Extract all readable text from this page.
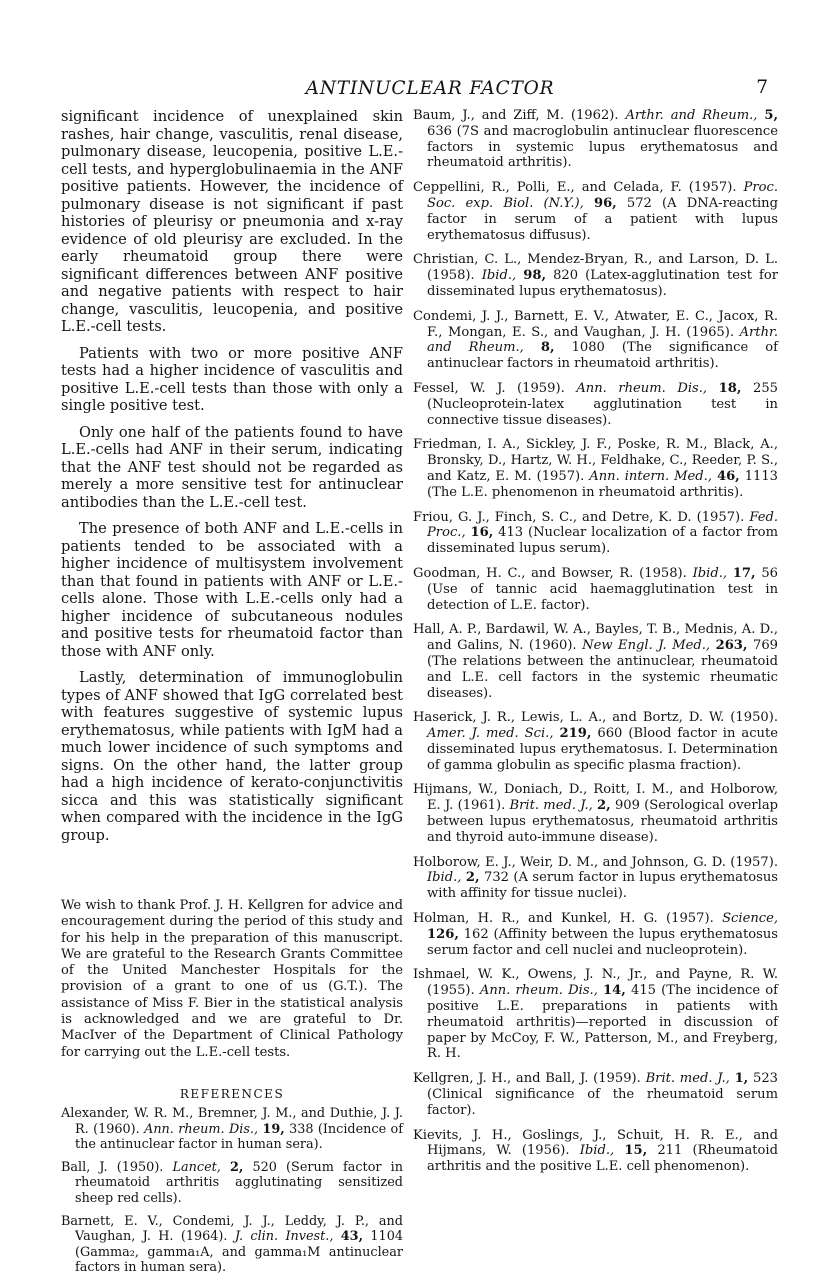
ANTINUCLEAR FACTOR	7

significant incidence of unexplained skin rashes, hair change, vasculitis, renal disease, pulmonary disease, leucopenia, positive L.E.-cell tests, and hyperglobulinaemia in the ANF positive patients. However, the incidence of pulmonary disease is not significant if past histories of pleurisy or pneumonia and x-ray evidence of old pleurisy are excluded. In the early rheumatoid group there were significant differences between ANF positive and negative patients with respect to hair change, vasculitis, leucopenia, and positive L.E.-cell tests.

Patients with two or more positive ANF tests had a higher incidence of vasculitis and positive L.E.-cell tests than those with only a single positive test.

Only one half of the patients found to have L.E.-cells had ANF in their serum, indicating that the ANF test should not be regarded as merely a more sensitive test for antinuclear antibodies than the L.E.-cell test.

The presence of both ANF and L.E.-cells in patients tended to be associated with a higher incidence of multisystem involvement than that found in patients with ANF or L.E.-cells alone. Those with L.E.-cells only had a higher incidence of subcutaneous nodules and positive tests for rheumatoid factor than those with ANF only.

Lastly, determination of immunoglobulin types of ANF showed that IgG correlated best with features suggestive of systemic lupus erythematosus, while patients with IgM had a much lower incidence of such symptoms and signs. On the other hand, the latter group had a high incidence of kerato-conjunctivitis sicca and this was statistically significant when compared with the incidence in the IgG group.

We wish to thank Prof. J. H. Kellgren for advice and encouragement during the period of this study and for his help in the preparation of this manuscript. We are grateful to the Research Grants Committee of the United Manchester Hospitals for the provision of a grant to one of us (G.T.). The assistance of Miss F. Bier in the statistical analysis is acknowledged and we are grateful to Dr. MacIver of the Department of Clinical Pathology for carrying out the L.E.-cell tests.

REFERENCES

Alexander, W. R. M., Bremner, J. M., and Duthie, J. J. R. (1960). Ann. rheum. Dis., 19, 338 (Incidence of the antinuclear factor in human sera).

Ball, J. (1950). Lancet, 2, 520 (Serum factor in rheumatoid arthritis agglutinating sensitized sheep red cells).

Barnett, E. V., Condemi, J. J., Leddy, J. P., and Vaughan, J. H. (1964). J. clin. Invest., 43, 1104 (Gamma₂, gamma₁A, and gamma₁M antinuclear factors in human sera).

Baum, J., and Ziff, M. (1962). Arthr. and Rheum., 5, 636 (7S and macroglobulin antinuclear fluorescence factors in systemic lupus erythematosus and rheumatoid arthritis).

Ceppellini, R., Polli, E., and Celada, F. (1957). Proc. Soc. exp. Biol. (N.Y.), 96, 572 (A DNA-reacting factor in serum of a patient with lupus erythematosus diffusus).

Christian, C. L., Mendez-Bryan, R., and Larson, D. L. (1958). Ibid., 98, 820 (Latex-agglutination test for disseminated lupus erythematosus).

Condemi, J. J., Barnett, E. V., Atwater, E. C., Jacox, R. F., Mongan, E. S., and Vaughan, J. H. (1965). Arthr. and Rheum., 8, 1080 (The significance of antinuclear factors in rheumatoid arthritis).

Fessel, W. J. (1959). Ann. rheum. Dis., 18, 255 (Nucleoprotein-latex agglutination test in connective tissue diseases).

Friedman, I. A., Sickley, J. F., Poske, R. M., Black, A., Bronsky, D., Hartz, W. H., Feldhake, C., Reeder, P. S., and Katz, E. M. (1957). Ann. intern. Med., 46, 1113 (The L.E. phenomenon in rheumatoid arthritis).

Friou, G. J., Finch, S. C., and Detre, K. D. (1957). Fed. Proc., 16, 413 (Nuclear localization of a factor from disseminated lupus serum).

Goodman, H. C., and Bowser, R. (1958). Ibid., 17, 56 (Use of tannic acid haemagglutination test in detection of L.E. factor).

Hall, A. P., Bardawil, W. A., Bayles, T. B., Mednis, A. D., and Galins, N. (1960). New Engl. J. Med., 263, 769 (The relations between the antinuclear, rheumatoid and L.E. cell factors in the systemic rheumatic diseases).

Haserick, J. R., Lewis, L. A., and Bortz, D. W. (1950). Amer. J. med. Sci., 219, 660 (Blood factor in acute disseminated lupus erythematosus. I. Determination of gamma globulin as specific plasma fraction).

Hijmans, W., Doniach, D., Roitt, I. M., and Holborow, E. J. (1961). Brit. med. J., 2, 909 (Serological overlap between lupus erythematosus, rheumatoid arthritis and thyroid auto-immune disease).

Holborow, E. J., Weir, D. M., and Johnson, G. D. (1957). Ibid., 2, 732 (A serum factor in lupus erythematosus with affinity for tissue nuclei).

Holman, H. R., and Kunkel, H. G. (1957). Science, 126, 162 (Affinity between the lupus erythematosus serum factor and cell nuclei and nucleoprotein).

Ishmael, W. K., Owens, J. N., Jr., and Payne, R. W. (1955). Ann. rheum. Dis., 14, 415 (The incidence of positive L.E. preparations in patients with rheumatoid arthritis)—reported in discussion of paper by McCoy, F. W., Patterson, M., and Freyberg, R. H.

Kellgren, J. H., and Ball, J. (1959). Brit. med. J., 1, 523 (Clinical significance of the rheumatoid serum factor).

Kievits, J. H., Goslings, J., Schuit, H. R. E., and Hijmans, W. (1956). Ibid., 15, 211 (Rheumatoid arthritis and the positive L.E. cell phenomenon).
